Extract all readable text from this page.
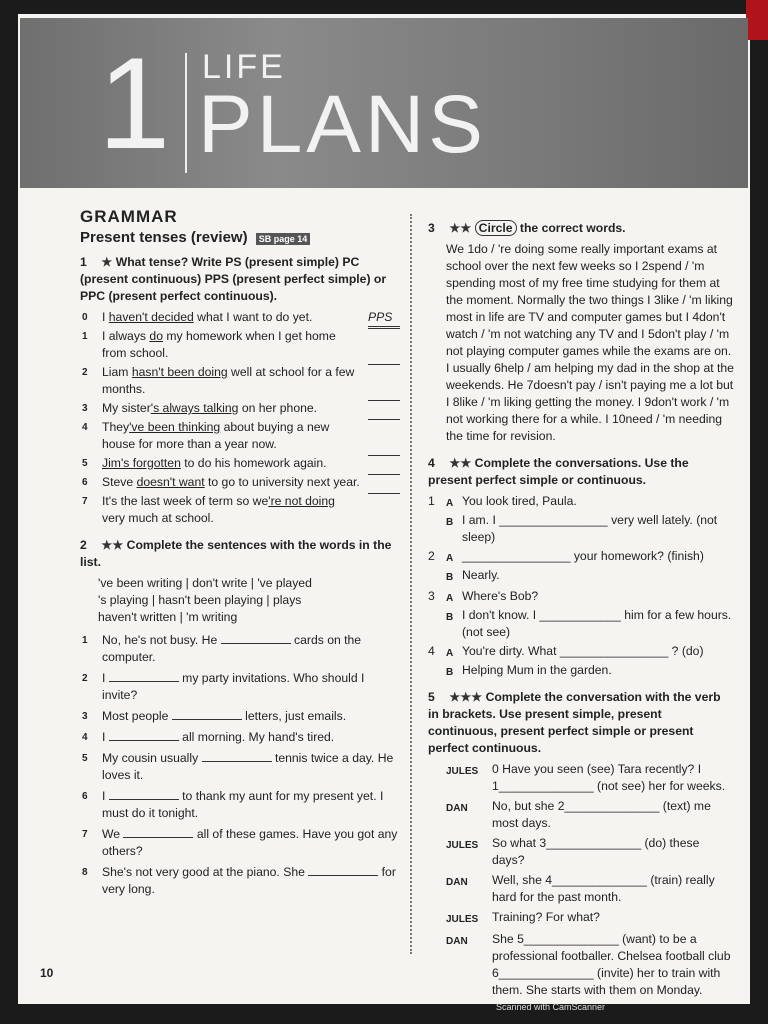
1 LIFE
PLANS
GRAMMAR
Present tenses (review) SB page 14
1 ★ What tense? Write PS (present simple) PC (present continuous) PPS (present perfect simple) or PPC (present perfect continuous).
0 I haven't decided what I want to do yet.	PPS
1 I always do my homework when I get home from school.
2 Liam hasn't been doing well at school for a few months.
3 My sister's always talking on her phone.
4 They've been thinking about buying a new house for more than a year now.
5 Jim's forgotten to do his homework again.
6 Steve doesn't want to go to university next year.
7 It's the last week of term so we're not doing very much at school.
2 ★★ Complete the sentences with the words in the list.
've been writing | don't write | 've played
's playing | hasn't been playing | plays
haven't written | 'm writing
1 No, he's not busy. He	cards on the computer.
2 I	my party invitations. Who should I invite?
3 Most people	letters, just emails.
4 I	all morning. My hand's tired.
5 My cousin usually	tennis twice a day. He loves it.
6 I	to thank my aunt for my present yet. I must do it tonight.
7 We	all of these games. Have you got any others?
8 She's not very good at the piano. She	for very long.
3 ★★ Circle the correct words.
We 1do / 're doing some really important exams at school over the next few weeks so I 2spend / 'm spending most of my free time studying for them at the moment. Normally the two things I 3like / 'm liking most in life are TV and computer games but I 4don't watch / 'm not watching any TV and I 5don't play / 'm not playing computer games while the exams are on. I usually 6help / am helping my dad in the shop at the weekends. He 7doesn't pay / isn't paying me a lot but I 8like / 'm liking getting the money. I 9don't work / 'm not working there for a while. I 10need / 'm needing the time for revision.
4 ★★ Complete the conversations. Use the present perfect simple or continuous.
1	A You look tired, Paula.
B I am. I ________________ very well lately. (not sleep)
2	A ________________ your homework? (finish)
B Nearly.
3	A Where's Bob?
B I don't know. I ____________ him for a few hours. (not see)
4	A You're dirty. What ________________ ? (do)
B Helping Mum in the garden.
5 ★★★ Complete the conversation with the verb in brackets. Use present simple, present continuous, present perfect simple or present perfect continuous.
JULES	0 Have you seen (see) Tara recently? I 1______________ (not see) her for weeks.
DAN	No, but she 2______________ (text) me most days.
JULES	So what 3______________ (do) these days?
DAN	Well, she 4______________ (train) really hard for the past month.
JULES	Training? For what?
DAN	She 5______________ (want) to be a professional footballer. Chelsea football club 6______________ (invite) her to train with them. She starts with them on Monday.
10
Scanned with CamScanner
